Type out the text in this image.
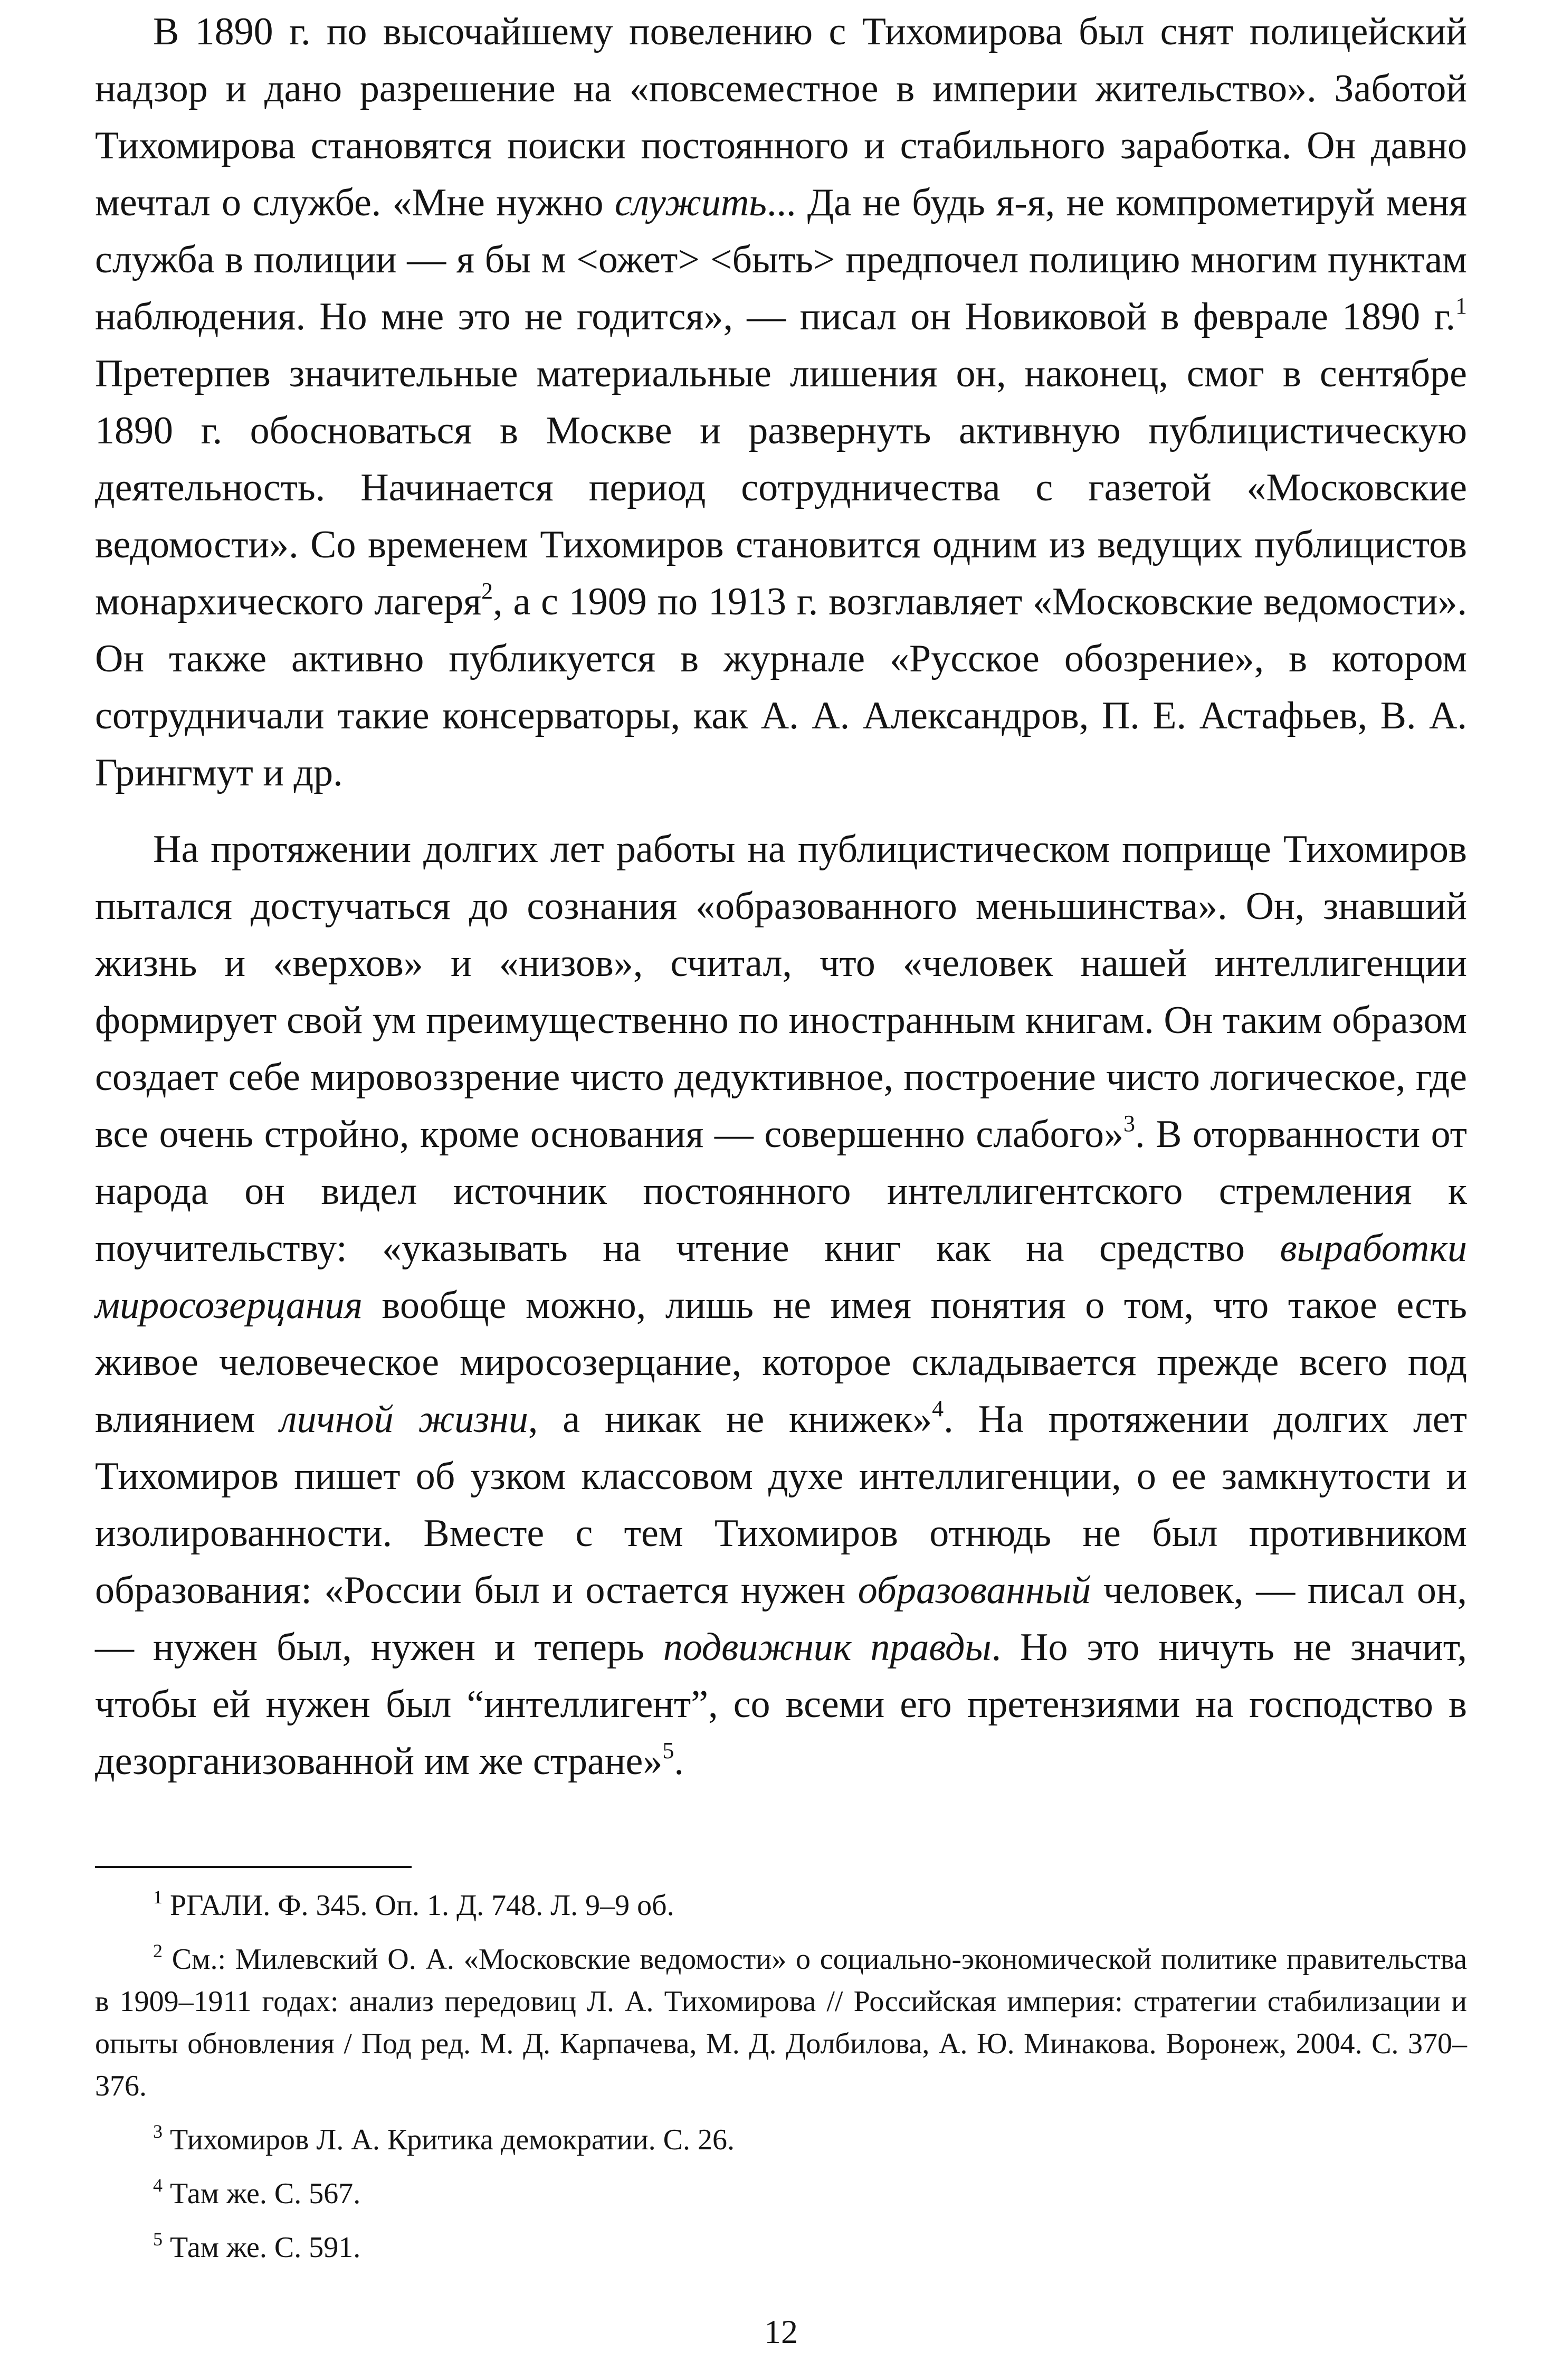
В 1890 г. по высочайшему повелению с Тихомирова был снят полицейский надзор и дано разрешение на «повсеместное в империи жительство». Заботой Тихомирова становятся поиски постоянного и стабильного заработка. Он давно мечтал о службе. «Мне нужно служить... Да не будь я-я, не компрометируй меня служба в полиции — я бы м <ожет> <быть> предпочел полицию многим пунктам наблюдения. Но мне это не годится», — писал он Новиковой в феврале 1890 г.$^1$ Претерпев значительные материальные лишения он, наконец, смог в сентябре 1890 г. обосноваться в Москве и развернуть активную публицистическую деятельность. Начинается период сотрудничества с газетой «Московские ведомости». Со временем Тихомиров становится одним из ведущих публицистов монархического лагеря$^2$, а с 1909 по 1913 г. возглавляет «Московские ведомости». Он также активно публикуется в журнале «Русское обозрение», в котором сотрудничали такие консерваторы, как А. А. Александров, П. Е. Астафьев, В. А. Грингмут и др.

На протяжении долгих лет работы на публицистическом поприще Тихомиров пытался достучаться до сознания «образованного меньшинства». Он, знавший жизнь и «верхов» и «низов», считал, что «человек нашей интеллигенции формирует свой ум преимущественно по иностранным книгам. Он таким образом создает себе мировоззрение чисто дедуктивное, построение чисто логическое, где все очень стройно, кроме основания — совершенно слабого»$^3$. В оторванности от народа он видел источник постоянного интеллигентского стремления к поучительству: «указывать на чтение книг как на средство выработки миросозерцания вообще можно, лишь не имея понятия о том, что такое есть живое человеческое миросозерцание, которое складывается прежде всего под влиянием личной жизни, а никак не книжек»$^4$. На протяжении долгих лет Тихомиров пишет об узком классовом духе интеллигенции, о ее замкнутости и изолированности. Вместе с тем Тихомиров отнюдь не был противником образования: «России был и остается нужен образованный человек, — писал он, — нужен был, нужен и теперь подвижник правды. Но это ничуть не значит, чтобы ей нужен был “интеллигент”, со всеми его претензиями на господство в дезорганизованной им же стране»$^5$.

$^1$ РГАЛИ. Ф. 345. Оп. 1. Д. 748. Л. 9–9 об.

$^2$ См.: Милевский О. А. «Московские ведомости» о социально-экономической политике правительства в 1909–1911 годах: анализ передовиц Л. А. Тихомирова // Российская империя: стратегии стабилизации и опыты обновления / Под ред. М. Д. Карпачева, М. Д. Долбилова, А. Ю. Минакова. Воронеж, 2004. С. 370–376.

$^3$ Тихомиров Л. А. Критика демократии. С. 26.

$^4$ Там же. С. 567.

$^5$ Там же. С. 591.

12
